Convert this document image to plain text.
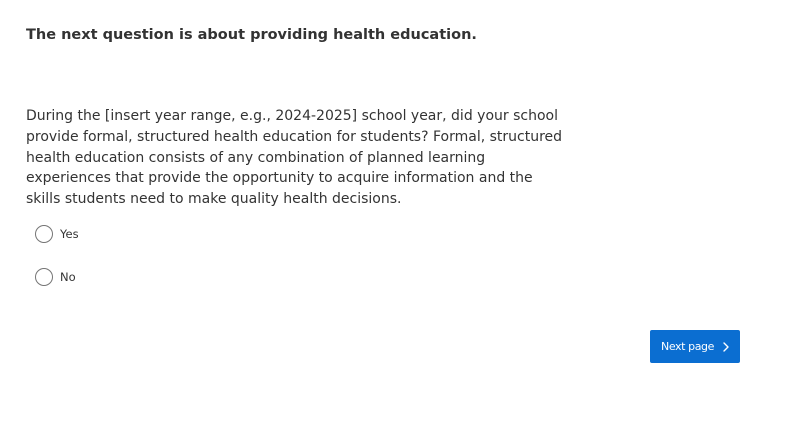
The next question is about providing health education.
During the [insert year range, e.g., 2024-2025] school year, did your school provide formal, structured health education for students? Formal, structured health education consists of any combination of planned learning experiences that provide the opportunity to acquire information and the skills students need to make quality health decisions.
Yes
No
Next page
